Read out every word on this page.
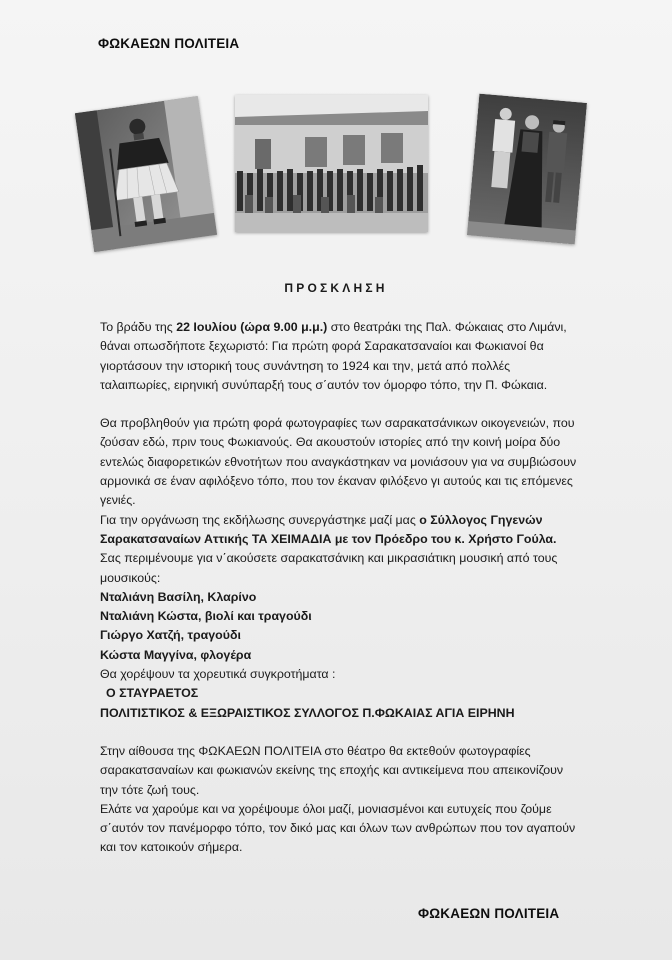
ΦΩΚΑΕΩΝ ΠΟΛΙΤΕΙΑ
ΠΡΟΣΚΛΗΣΗ

Το βράδυ της 22 Ιουλίου (ώρα 9.00 μ.μ.) στο θεατράκι της Παλ. Φώκαιας στο Λιμάνι, θάναι οπωσδήποτε ξεχωριστό: Για πρώτη φορά Σαρακατσαναίοι και Φωκιανοί θα γιορτάσουν την ιστορική τους συνάντηση το 1924 και την, μετά από πολλές ταλαιπωρίες, ειρηνική συνύπαρξή τους σ΄αυτόν τον όμορφο τόπο, την Π. Φώκαια.

Θα προβληθούν για πρώτη φορά φωτογραφίες των σαρακατσάνικων οικογενειών, που ζούσαν εδώ, πριν τους Φωκιανούς. Θα ακουστούν ιστορίες από την κοινή μοίρα δύο εντελώς διαφορετικών εθνοτήτων που αναγκάστηκαν να μονιάσουν για να συμβιώσουν αρμονικά σε έναν αφιλόξενο τόπο, που τον έκαναν φιλόξενο γι αυτούς και τις επόμενες γενιές.

Για την οργάνωση της εκδήλωσης συνεργάστηκε μαζί μας ο Σύλλογος Γηγενών Σαρακατσαναίων Αττικής ΤΑ ΧΕΙΜΑΔΙΑ με τον Πρόεδρο του κ. Χρήστο Γούλα.

Σας περιμένουμε για ν΄ακούσετε σαρακατσάνικη και μικρασιάτικη μουσική από τους μουσικούς:

Νταλιάνη Βασίλη, Κλαρίνο

Νταλιάνη Κώστα, βιολί και τραγούδι

Γιώργο Χατζή, τραγούδι

Κώστα Μαγγίνα, φλογέρα

Θα χορέψουν τα χορευτικά συγκροτήματα :

Ο ΣΤΑΥΡΑΕΤΟΣ

ΠΟΛΙΤΙΣΤΙΚΟΣ & ΕΞΩΡΑΙΣΤΙΚΟΣ ΣΥΛΛΟΓΟΣ Π.ΦΩΚΑΙΑΣ ΑΓΙΑ ΕΙΡΗΝΗ

Στην αίθουσα της ΦΩΚΑΕΩΝ ΠΟΛΙΤΕΙΑ στο θέατρο θα εκτεθούν φωτογραφίες σαρακατσαναίων και φωκιανών εκείνης της εποχής και αντικείμενα που απεικονίζουν την τότε ζωή τους.

Ελάτε να χαρούμε και να χορέψουμε όλοι μαζί, μονιασμένοι και ευτυχείς που ζούμε σ΄αυτόν τον πανέμορφο τόπο, τον δικό μας και όλων των ανθρώπων που τον αγαπούν και τον κατοικούν σήμερα.

ΦΩΚΑΕΩΝ ΠΟΛΙΤΕΙΑ
